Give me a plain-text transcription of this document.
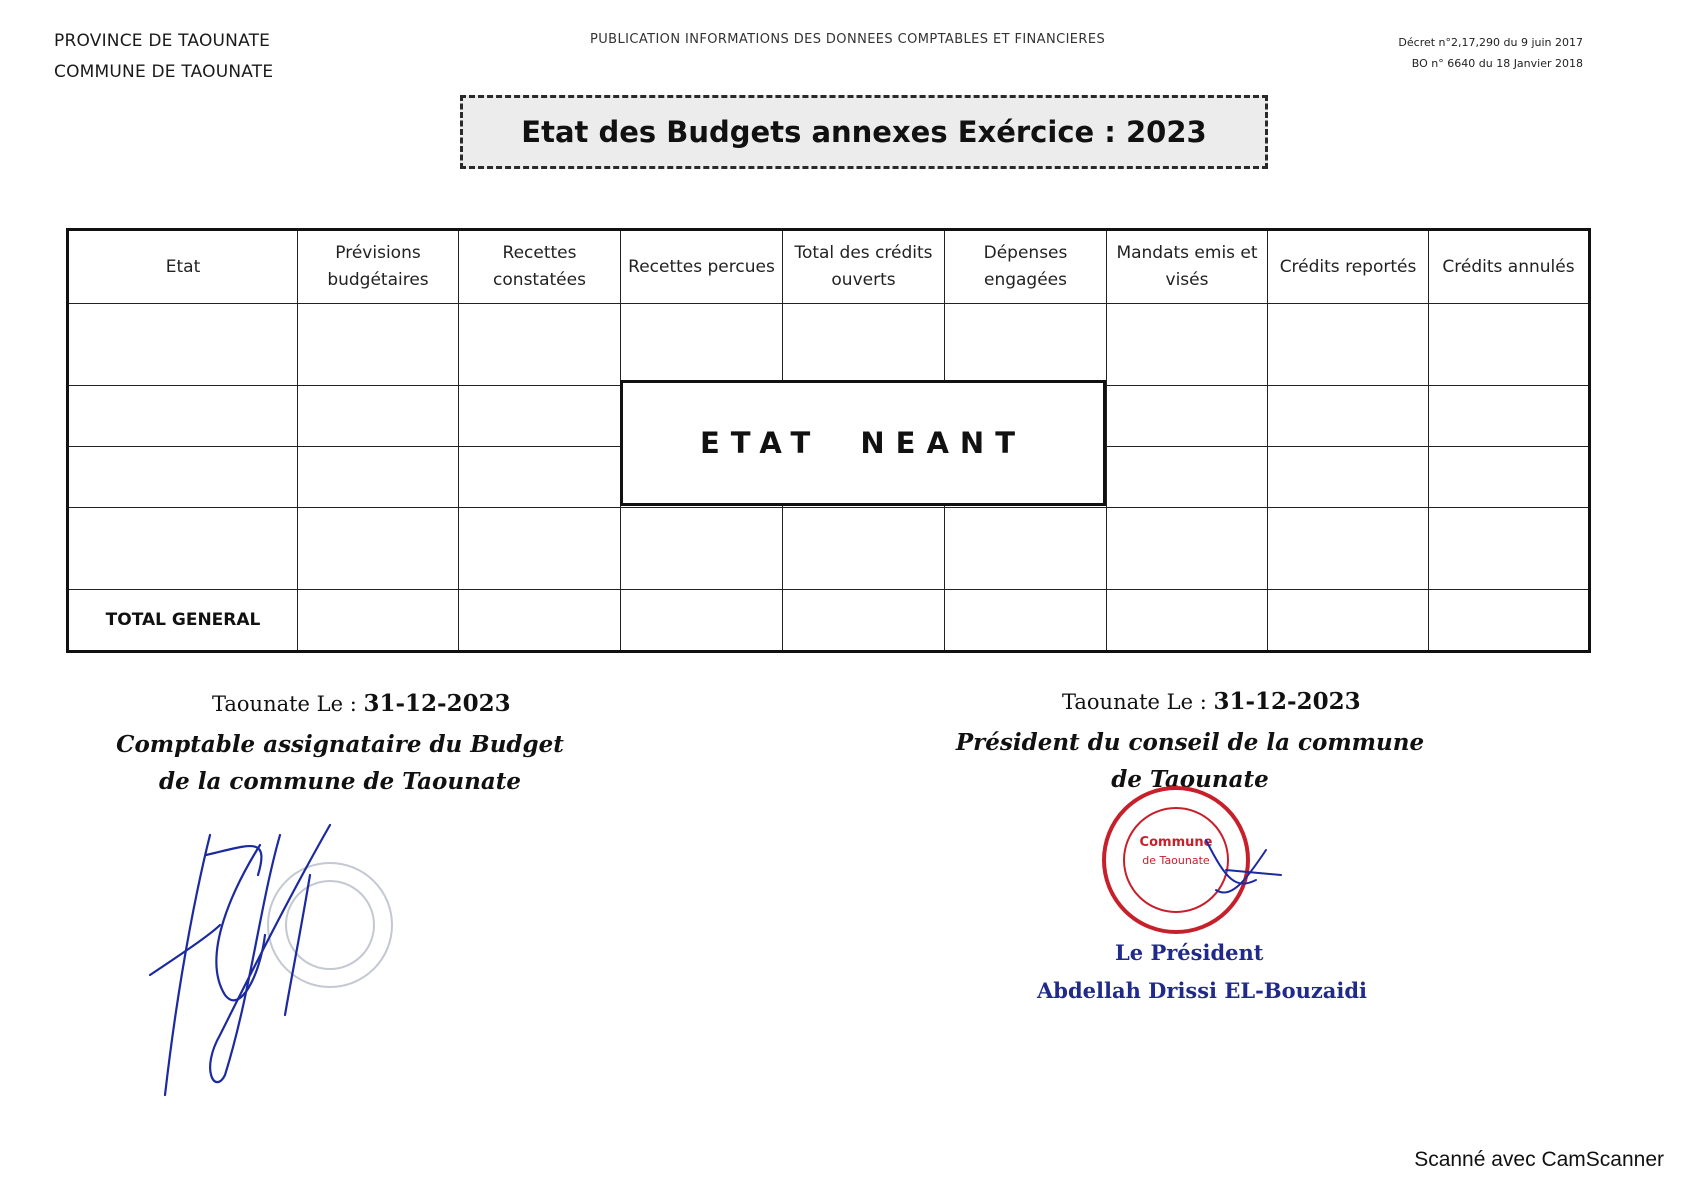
PROVINCE DE TAOUNATE
COMMUNE DE TAOUNATE
PUBLICATION INFORMATIONS DES DONNEES COMPTABLES ET FINANCIERES	Décret n°2,17,290 du 9 juin 2017
BO n° 6640 du 18 Janvier 2018
Etat des Budgets annexes Exércice : 2023
Etat	Prévisions budgétaires	Recettes constatées	Recettes percues	Total des crédits ouverts	Dépenses engagées	Mandats emis et visés	Crédits reportés	Crédits annulés

TOTAL GENERAL								
ETAT NEANT
Taounate Le : 31-12-2023
Comptable assignataire du Budget
de la commune de Taounate
Taounate Le : 31-12-2023
Président du conseil de la commune
de Taounate
Commune
de Taounate
Le Président
Abdellah Drissi EL-Bouzaidi
Scanné avec CamScanner
